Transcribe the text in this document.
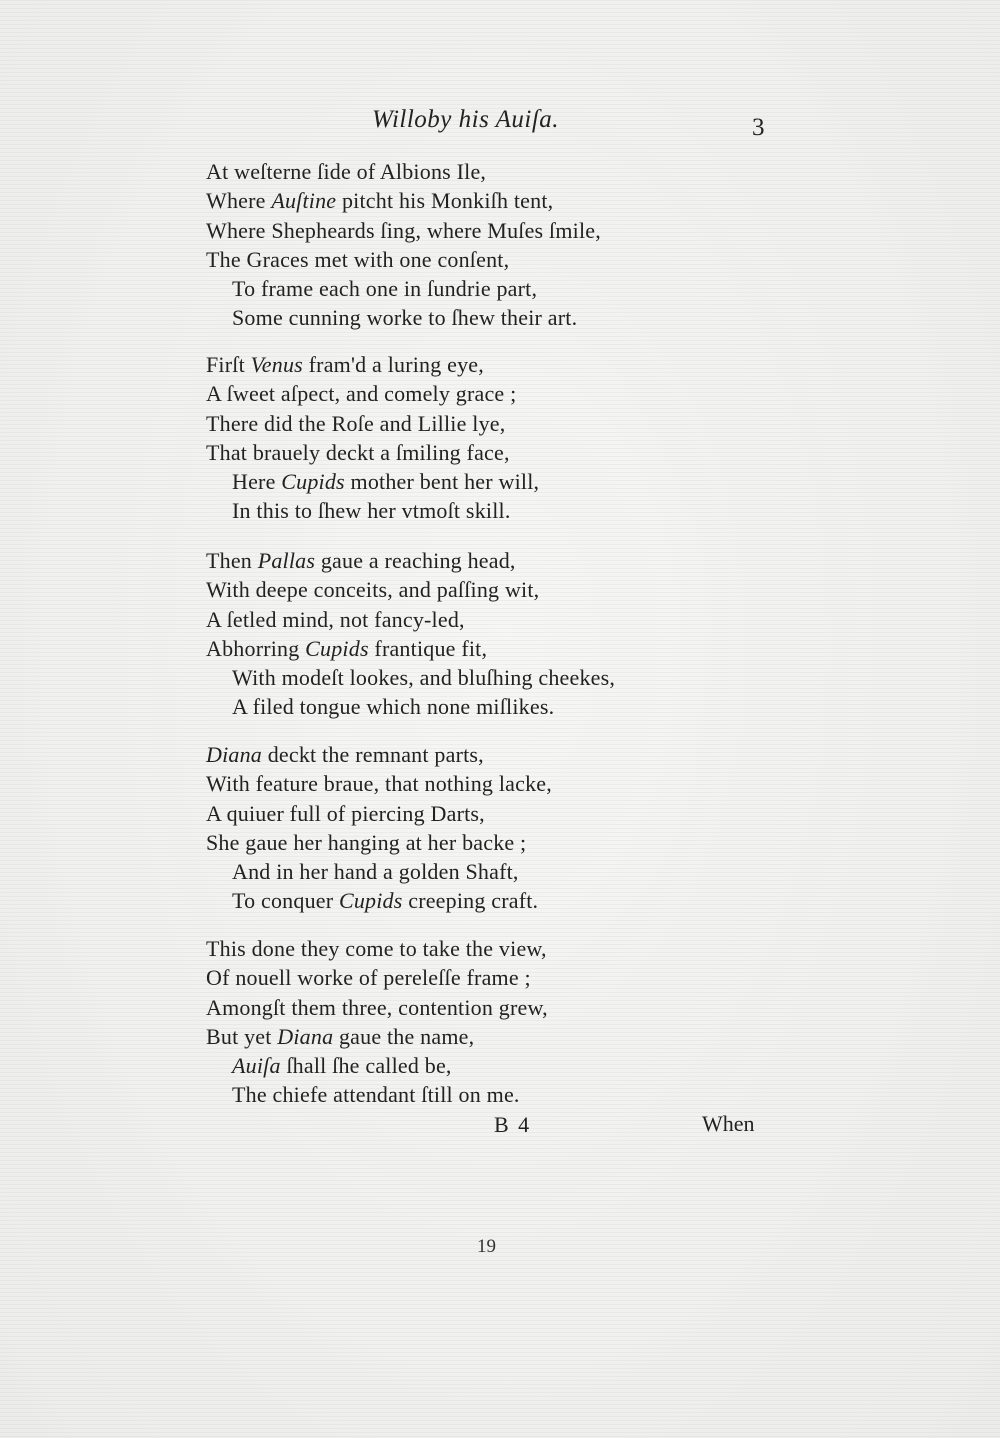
Willoby his Auiſa.	3
At weſterne ſide of Albions Ile,
Where Auſtine pitcht his Monkiſh tent,
Where Shepheards ſing, where Muſes ſmile,
The Graces met with one conſent,
To frame each one in ſundrie part,
Some cunning worke to ſhew their art.
Firſt Venus fram'd a luring eye,
A ſweet aſpect, and comely grace ;
There did the Roſe and Lillie lye,
That brauely deckt a ſmiling face,
Here Cupids mother bent her will,
In this to ſhew her vtmoſt skill.
Then Pallas gaue a reaching head,
With deepe conceits, and paſſing wit,
A ſetled mind, not fancy-led,
Abhorring Cupids frantique fit,
With modeſt lookes, and bluſhing cheekes,
A filed tongue which none miſlikes.
Diana deckt the remnant parts,
With feature braue, that nothing lacke,
A quiuer full of piercing Darts,
She gaue her hanging at her backe ;
And in her hand a golden Shaft,
To conquer Cupids creeping craft.
This done they come to take the view,
Of nouell worke of pereleſſe frame ;
Amongſt them three, contention grew,
But yet Diana gaue the name,
Auiſa ſhall ſhe called be,
The chiefe attendant ſtill on me.
B 4	When
19
